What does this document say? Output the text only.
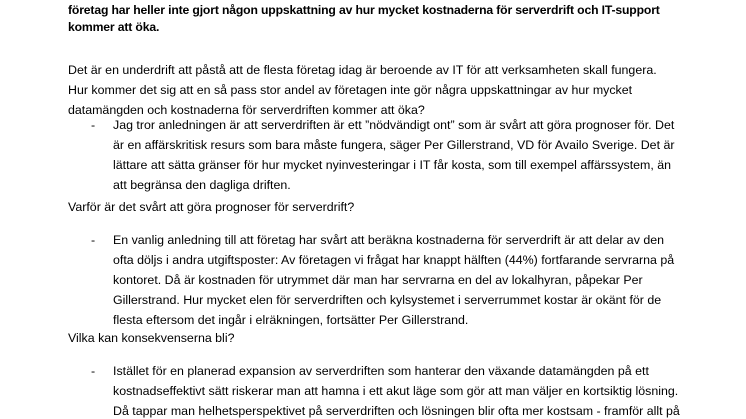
företag har heller inte gjort någon uppskattning av hur mycket kostnaderna för serverdrift och IT-support kommer att öka.

Det är en underdrift att påstå att de flesta företag idag är beroende av IT för att verksamheten skall fungera. Hur kommer det sig att en så pass stor andel av företagen inte gör några uppskattningar av hur mycket datamängden och kostnaderna för serverdriften kommer att öka?

- Jag tror anledningen är att serverdriften är ett ”nödvändigt ont” som är svårt att göra prognoser för. Det är en affärskritisk resurs som bara måste fungera, säger Per Gillerstrand, VD för Availo Sverige. Det är lättare att sätta gränser för hur mycket nyinvesteringar i IT får kosta, som till exempel affärssystem, än att begränsa den dagliga driften.

Varför är det svårt att göra prognoser för serverdrift?

- En vanlig anledning till att företag har svårt att beräkna kostnaderna för serverdrift är att delar av den ofta döljs i andra utgiftsposter: Av företagen vi frågat har knappt hälften (44%) fortfarande servrarna på kontoret. Då är kostnaden för utrymmet där man har servrarna en del av lokalhyran, påpekar Per Gillerstrand. Hur mycket elen för serverdriften och kylsystemet i serverrummet kostar är okänt för de flesta eftersom det ingår i elräkningen, fortsätter Per Gillerstrand.

Vilka kan konsekvenserna bli?

- Istället för en planerad expansion av serverdriften som hanterar den växande datamängden på ett kostnadseffektivt sätt riskerar man att hamna i ett akut läge som gör att man väljer en kortsiktig lösning. Då tappar man helhetsperspektivet på serverdriften och lösningen blir ofta mer kostsam - framför allt på
